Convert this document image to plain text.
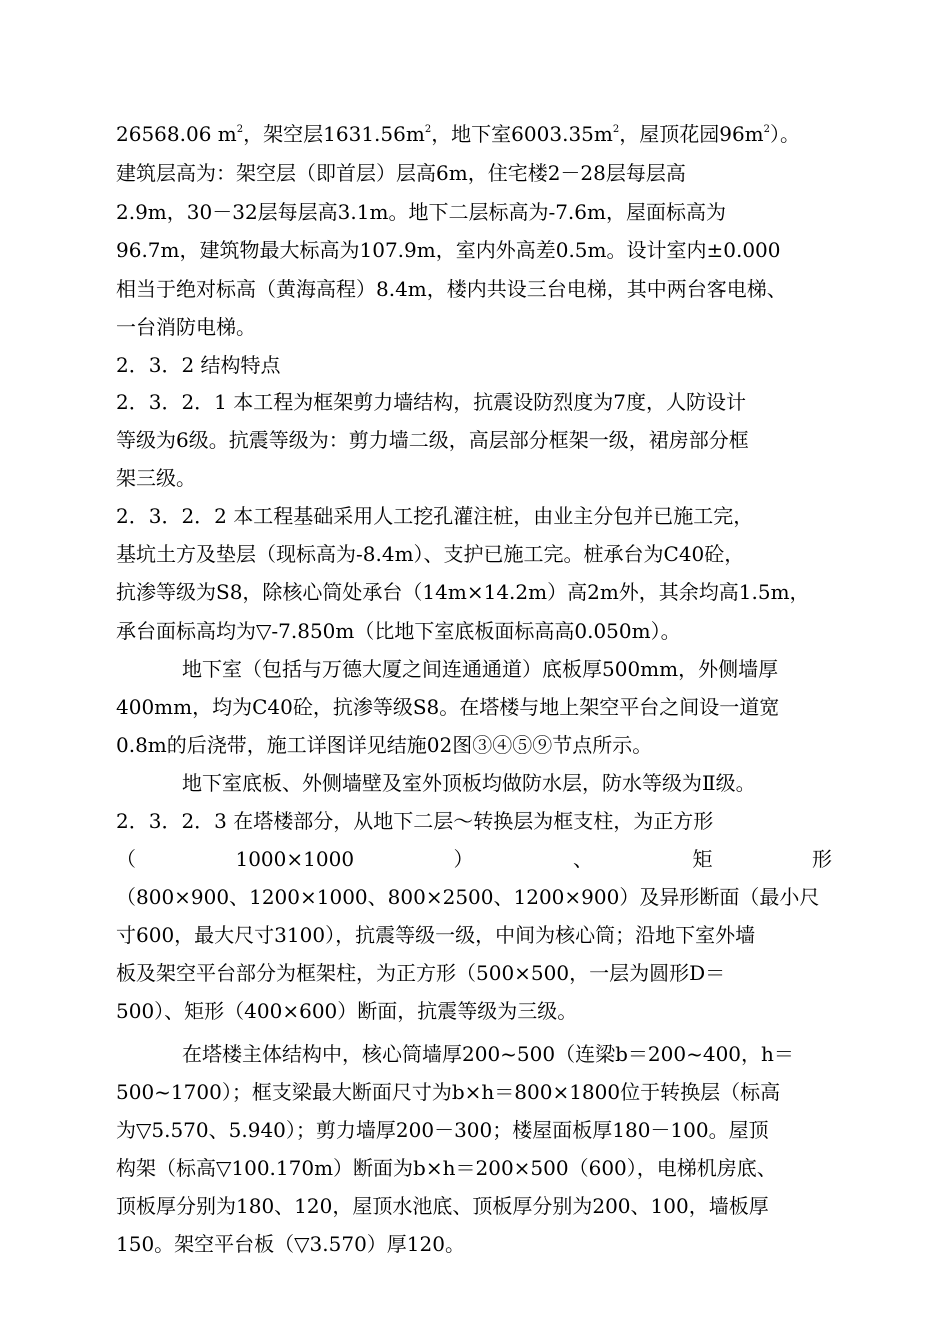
26568.06 $m^2$，架空层$1631.56m^2$，地下室$6003.35m^2$，屋顶花园$96m^2$）。
建筑层高为：架空层（即首层）层高6m，住宅楼2－28层每层高
2.9m，30－32层每层高3.1m。地下二层标高为-7.6m，屋面标高为
96.7m，建筑物最大标高为107.9m，室内外高差0.5m。设计室内±0.000
相当于绝对标高（黄海高程）8.4m，楼内共设三台电梯，其中两台客电梯、
一台消防电梯。
2．3．2 结构特点
2．3．2．1 本工程为框架剪力墙结构，抗震设防烈度为7度，人防设计
等级为6级。抗震等级为：剪力墙二级，高层部分框架一级，裙房部分框
架三级。
2．3．2．2 本工程基础采用人工挖孔灌注桩，由业主分包并已施工完，
基坑土方及垫层（现标高为-8.4m）、支护已施工完。桩承台为C40砼，
抗渗等级为S8，除核心筒处承台（14m×14.2m）高2m外，其余均高1.5m，
承台面标高均为▽-7.850m（比地下室底板面标高高0.050m）。
地下室（包括与万德大厦之间连通通道）底板厚500mm，外侧墙厚
400mm，均为C40砼，抗渗等级S8。在塔楼与地上架空平台之间设一道宽
0.8m的后浇带，施工详图详见结施02图③④⑤⑨节点所示。
地下室底板、外侧墙壁及室外顶板均做防水层，防水等级为Ⅱ级。
2．3．2．3 在塔楼部分，从地下二层～转换层为框支柱，为正方形
（	1000×1000	）	、	矩	形
（800×900、1200×1000、800×2500、1200×900）及异形断面（最小尺
寸600，最大尺寸3100），抗震等级一级，中间为核心筒；沿地下室外墙
板及架空平台部分为框架柱，为正方形（500×500，一层为圆形D＝
500）、矩形（400×600）断面，抗震等级为三级。
在塔楼主体结构中，核心筒墙厚200~500（连梁b＝200~400，h＝
500~1700）；框支梁最大断面尺寸为b×h＝800×1800位于转换层（标高
为▽5.570、5.940）；剪力墙厚200－300；楼屋面板厚180－100。屋顶
构架（标高▽100.170m）断面为b×h＝200×500（600），电梯机房底、
顶板厚分别为180、120，屋顶水池底、顶板厚分别为200、100，墙板厚
150。架空平台板（▽3.570）厚120。
